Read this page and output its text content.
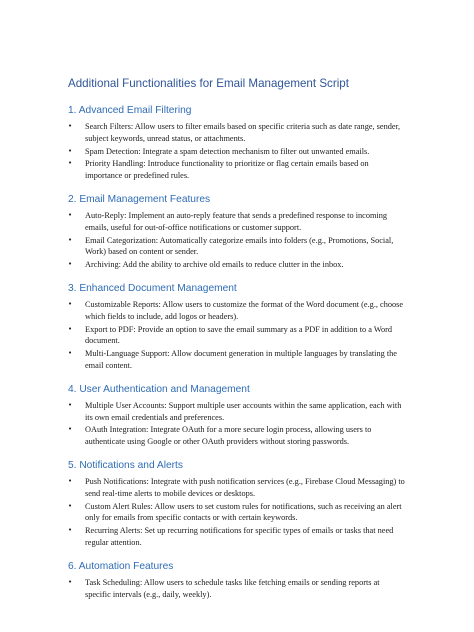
Additional Functionalities for Email Management Script
1. Advanced Email Filtering
• Search Filters: Allow users to filter emails based on specific criteria such as date range, sender, subject keywords, unread status, or attachments.
• Spam Detection: Integrate a spam detection mechanism to filter out unwanted emails.
• Priority Handling: Introduce functionality to prioritize or flag certain emails based on importance or predefined rules.
2. Email Management Features
• Auto-Reply: Implement an auto-reply feature that sends a predefined response to incoming emails, useful for out-of-office notifications or customer support.
• Email Categorization: Automatically categorize emails into folders (e.g., Promotions, Social, Work) based on content or sender.
• Archiving: Add the ability to archive old emails to reduce clutter in the inbox.
3. Enhanced Document Management
• Customizable Reports: Allow users to customize the format of the Word document (e.g., choose which fields to include, add logos or headers).
• Export to PDF: Provide an option to save the email summary as a PDF in addition to a Word document.
• Multi-Language Support: Allow document generation in multiple languages by translating the email content.
4. User Authentication and Management
• Multiple User Accounts: Support multiple user accounts within the same application, each with its own email credentials and preferences.
• OAuth Integration: Integrate OAuth for a more secure login process, allowing users to authenticate using Google or other OAuth providers without storing passwords.
5. Notifications and Alerts
• Push Notifications: Integrate with push notification services (e.g., Firebase Cloud Messaging) to send real-time alerts to mobile devices or desktops.
• Custom Alert Rules: Allow users to set custom rules for notifications, such as receiving an alert only for emails from specific contacts or with certain keywords.
• Recurring Alerts: Set up recurring notifications for specific types of emails or tasks that need regular attention.
6. Automation Features
• Task Scheduling: Allow users to schedule tasks like fetching emails or sending reports at specific intervals (e.g., daily, weekly).
